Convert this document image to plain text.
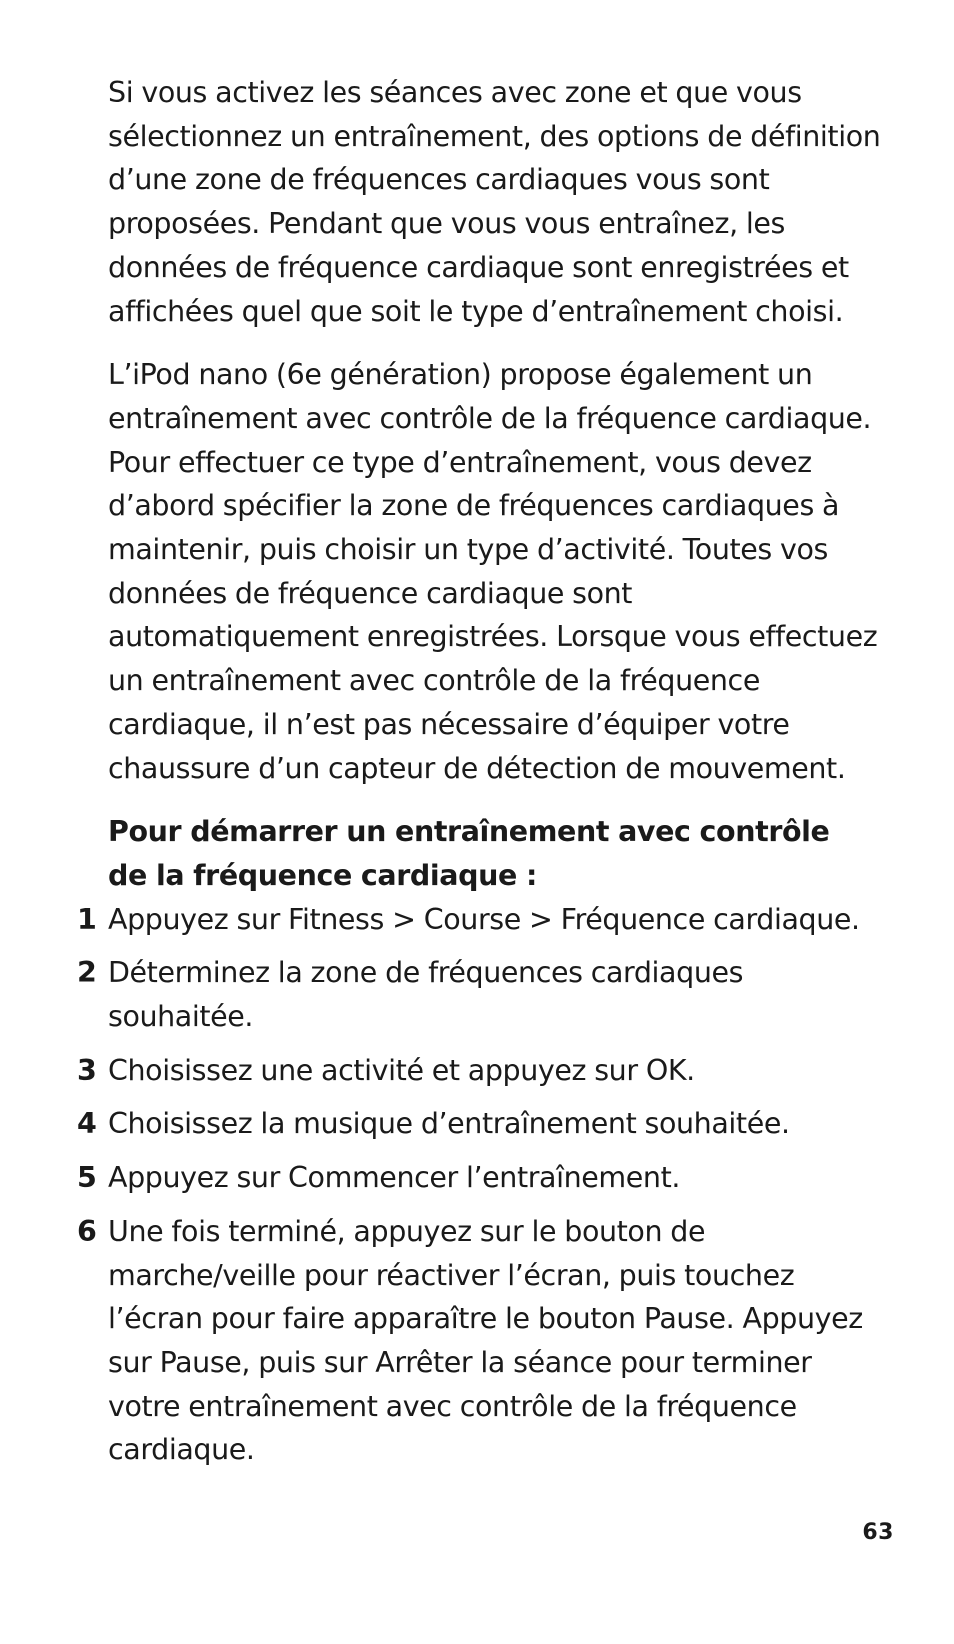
Si vous activez les séances avec zone et que vous sélectionnez un entraînement, des options de définition d’une zone de fréquences cardiaques vous sont proposées. Pendant que vous vous entraînez, les données de fréquence cardiaque sont enregistrées et affichées quel que soit le type d’entraînement choisi.

L’iPod nano (6e génération) propose également un entraînement avec contrôle de la fréquence cardiaque. Pour effectuer ce type d’entraînement, vous devez d’abord spécifier la zone de fréquences cardiaques à maintenir, puis choisir un type d’activité. Toutes vos données de fréquence cardiaque sont automatiquement enregistrées. Lorsque vous effectuez un entraînement avec contrôle de la fréquence cardiaque, il n’est pas nécessaire d’équiper votre chaussure d’un capteur de détection de mouvement.

Pour démarrer un entraînement avec contrôle de la fréquence cardiaque :

1 Appuyez sur Fitness > Course > Fréquence cardiaque.
2 Déterminez la zone de fréquences cardiaques souhaitée.
3 Choisissez une activité et appuyez sur OK.
4 Choisissez la musique d’entraînement souhaitée.
5 Appuyez sur Commencer l’entraînement.
6 Une fois terminé, appuyez sur le bouton de marche/veille pour réactiver l’écran, puis touchez l’écran pour faire apparaître le bouton Pause. Appuyez sur Pause, puis sur Arrêter la séance pour terminer votre entraînement avec contrôle de la fréquence cardiaque.
63
